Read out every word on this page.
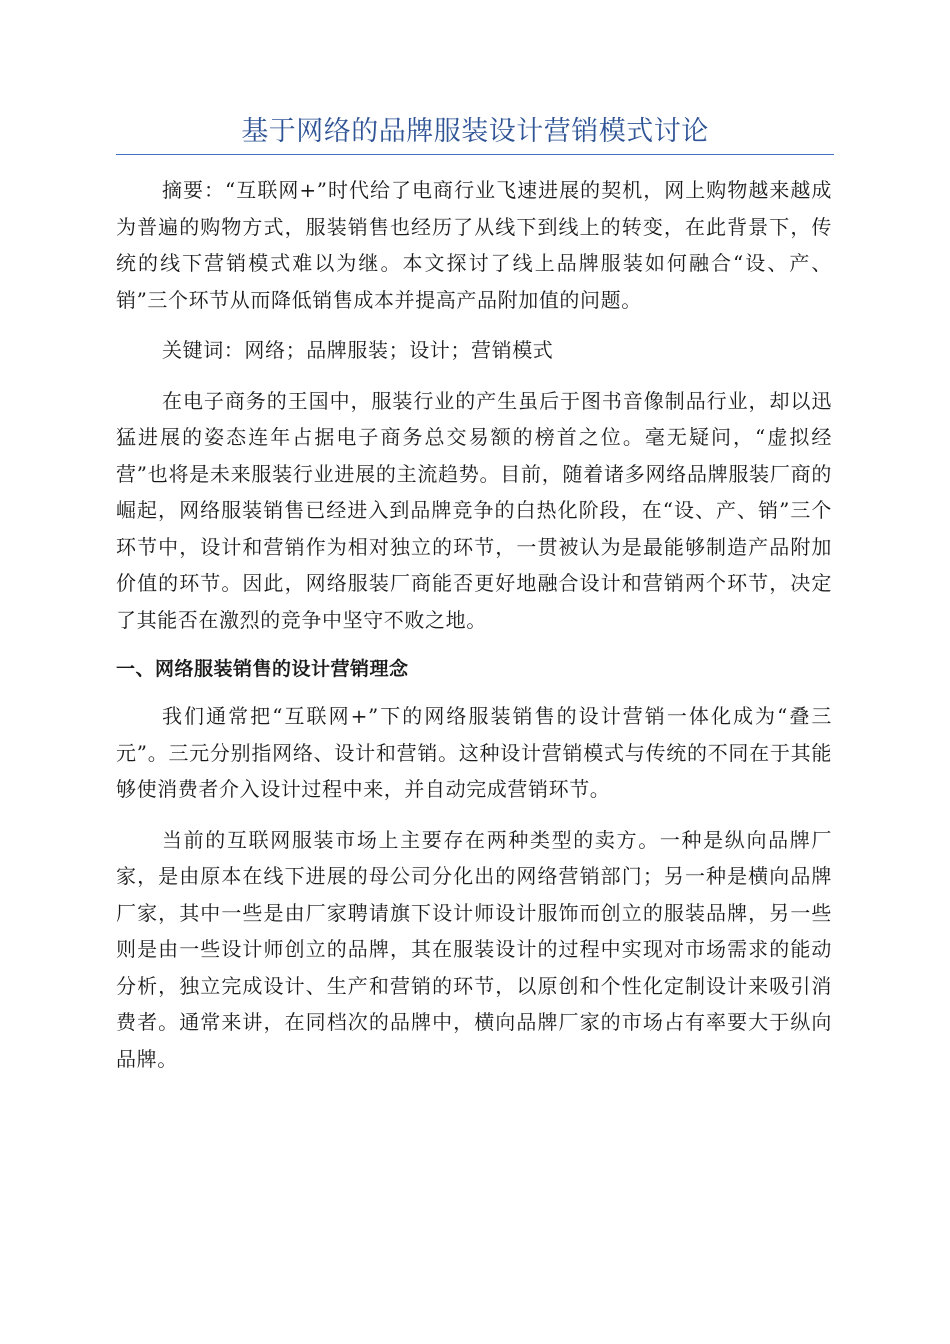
基于网络的品牌服装设计营销模式讨论

摘要：“互联网+”时代给了电商行业飞速进展的契机，网上购物越来越成为普遍的购物方式，服装销售也经历了从线下到线上的转变，在此背景下，传统的线下营销模式难以为继。本文探讨了线上品牌服装如何融合“设、产、销”三个环节从而降低销售成本并提高产品附加值的问题。

关键词：网络；品牌服装；设计；营销模式

在电子商务的王国中，服装行业的产生虽后于图书音像制品行业，却以迅猛进展的姿态连年占据电子商务总交易额的榜首之位。毫无疑问，“虚拟经营”也将是未来服装行业进展的主流趋势。目前，随着诸多网络品牌服装厂商的崛起，网络服装销售已经进入到品牌竞争的白热化阶段，在“设、产、销”三个环节中，设计和营销作为相对独立的环节，一贯被认为是最能够制造产品附加价值的环节。因此，网络服装厂商能否更好地融合设计和营销两个环节，决定了其能否在激烈的竞争中坚守不败之地。

一、网络服装销售的设计营销理念

我们通常把“互联网+”下的网络服装销售的设计营销一体化成为“叠三元”。三元分别指网络、设计和营销。这种设计营销模式与传统的不同在于其能够使消费者介入设计过程中来，并自动完成营销环节。

当前的互联网服装市场上主要存在两种类型的卖方。一种是纵向品牌厂家，是由原本在线下进展的母公司分化出的网络营销部门；另一种是横向品牌厂家，其中一些是由厂家聘请旗下设计师设计服饰而创立的服装品牌，另一些则是由一些设计师创立的品牌，其在服装设计的过程中实现对市场需求的能动分析，独立完成设计、生产和营销的环节，以原创和个性化定制设计来吸引消费者。通常来讲，在同档次的品牌中，横向品牌厂家的市场占有率要大于纵向品牌。
